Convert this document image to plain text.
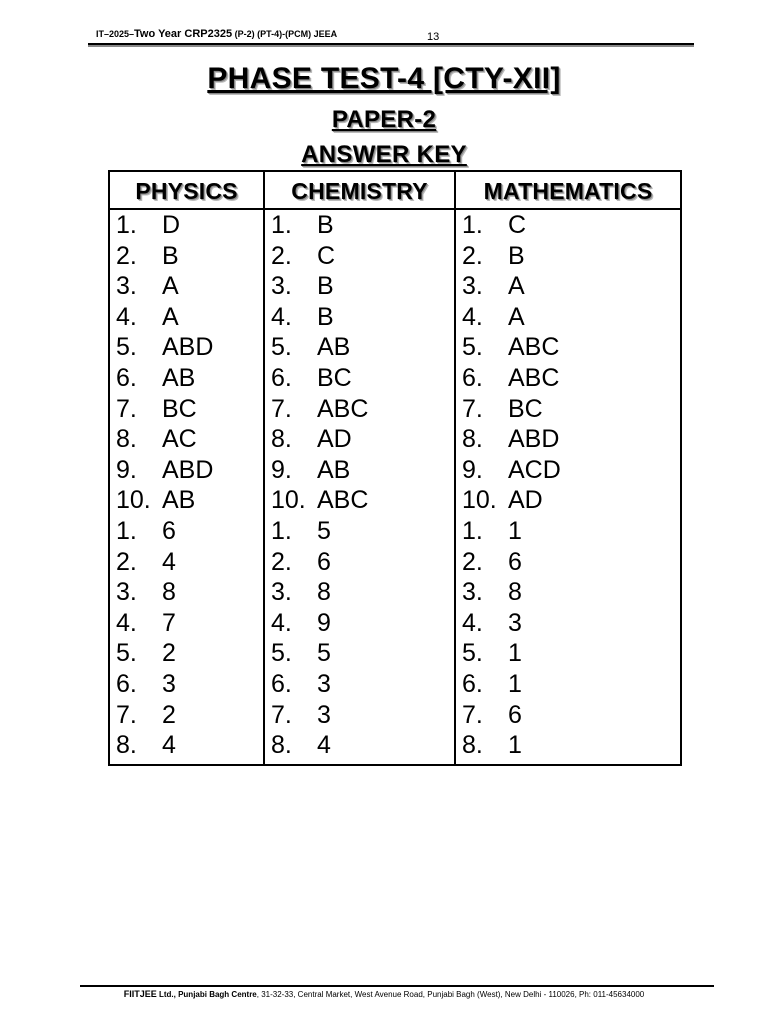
IT–2025–Two Year CRP2325 (P-2) (PT-4)-(PCM) JEEA	13
PHASE TEST-4 [CTY-XII]
PAPER-2
ANSWER KEY
PHYSICS
1. D
2. B
3. A
4. A
5. ABD
6. AB
7. BC
8. AC
9. ABD
10. AB
1. 6
2. 4
3. 8
4. 7
5. 2
6. 3
7. 2
8. 4
CHEMISTRY
1. B
2. C
3. B
4. B
5. AB
6. BC
7. ABC
8. AD
9. AB
10. ABC
1. 5
2. 6
3. 8
4. 9
5. 5
6. 3
7. 3
8. 4
MATHEMATICS
1. C
2. B
3. A
4. A
5. ABC
6. ABC
7. BC
8. ABD
9. ACD
10. AD
1. 1
2. 6
3. 8
4. 3
5. 1
6. 1
7. 6
8. 1
FIITJEE Ltd., Punjabi Bagh Centre, 31-32-33, Central Market, West Avenue Road, Punjabi Bagh (West), New Delhi - 110026, Ph: 011-45634000
